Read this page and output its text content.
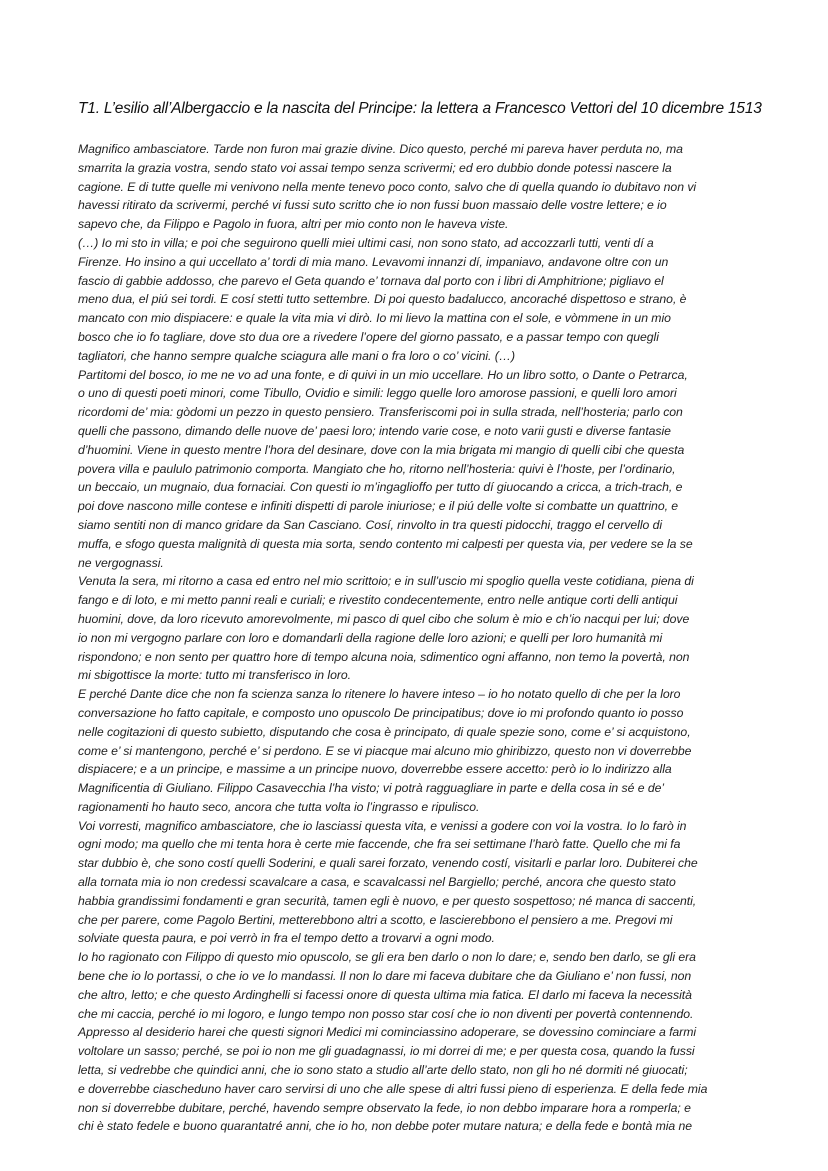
T1. L’esilio all’Albergaccio e la nascita del Principe: la lettera a Francesco Vettori del 10 dicembre 1513
Magnifico ambasciatore. Tarde non furon mai grazie divine. Dico questo, perché mi pareva haver perduta no, ma
smarrita la grazia vostra, sendo stato voi assai tempo senza scrivermi; ed ero dubbio donde potessi nascere la
cagione. E di tutte quelle mi venivono nella mente tenevo poco conto, salvo che di quella quando io dubitavo non vi
havessi ritirato da scrivermi, perché vi fussi suto scritto che io non fussi buon massaio delle vostre lettere; e io
sapevo che, da Filippo e Pagolo in fuora, altri per mio conto non le haveva viste.
(…) Io mi sto in villa; e poi che seguirono quelli miei ultimi casi, non sono stato, ad accozzarli tutti, venti dí a
Firenze. Ho insino a qui uccellato a’ tordi di mia mano. Levavomi innanzi dí, impaniavo, andavone oltre con un
fascio di gabbie addosso, che parevo el Geta quando e’ tornava dal porto con i libri di Amphitrione; pigliavo el
meno dua, el piú sei tordi. E cosí stetti tutto settembre. Di poi questo badalucco, ancoraché dispettoso e strano, è
mancato con mio dispiacere: e quale la vita mia vi dirò. Io mi lievo la mattina con el sole, e vòmmene in un mio
bosco che io fo tagliare, dove sto dua ore a rivedere l’opere del giorno passato, e a passar tempo con quegli
tagliatori, che hanno sempre qualche sciagura alle mani o fra loro o co’ vicini. (…)
Partitomi del bosco, io me ne vo ad una fonte, e di quivi in un mio uccellare. Ho un libro sotto, o Dante o Petrarca,
o uno di questi poeti minori, come Tibullo, Ovidio e simili: leggo quelle loro amorose passioni, e quelli loro amori
ricordomi de’ mia: gòdomi un pezzo in questo pensiero. Transferiscomi poi in sulla strada, nell’hosteria; parlo con
quelli che passono, dimando delle nuove de’ paesi loro; intendo varie cose, e noto varii gusti e diverse fantasie
d’huomini. Viene in questo mentre l’hora del desinare, dove con la mia brigata mi mangio di quelli cibi che questa
povera villa e paululo patrimonio comporta. Mangiato che ho, ritorno nell’hosteria: quivi è l’hoste, per l’ordinario,
un beccaio, un mugnaio, dua fornaciai. Con questi io m’ingaglioffo per tutto dí giuocando a cricca, a trich-trach, e
poi dove nascono mille contese e infiniti dispetti di parole iniuriose; e il piú delle volte si combatte un quattrino, e
siamo sentiti non di manco gridare da San Casciano. Cosí, rinvolto in tra questi pidocchi, traggo el cervello di
muffa, e sfogo questa malignità di questa mia sorta, sendo contento mi calpesti per questa via, per vedere se la se
ne vergognassi.
Venuta la sera, mi ritorno a casa ed entro nel mio scrittoio; e in sull’uscio mi spoglio quella veste cotidiana, piena di
fango e di loto, e mi metto panni reali e curiali; e rivestito condecentemente, entro nelle antique corti delli antiqui
huomini, dove, da loro ricevuto amorevolmente, mi pasco di quel cibo che solum è mio e ch’io nacqui per lui; dove
io non mi vergogno parlare con loro e domandarli della ragione delle loro azioni; e quelli per loro humanità mi
rispondono; e non sento per quattro hore di tempo alcuna noia, sdimentico ogni affanno, non temo la povertà, non
mi sbigottisce la morte: tutto mi transferisco in loro.
E perché Dante dice che non fa scienza sanza lo ritenere lo havere inteso – io ho notato quello di che per la loro
conversazione ho fatto capitale, e composto uno opuscolo De principatibus; dove io mi profondo quanto io posso
nelle cogitazioni di questo subietto, disputando che cosa è principato, di quale spezie sono, come e’ si acquistono,
come e’ si mantengono, perché e’ si perdono. E se vi piacque mai alcuno mio ghiribizzo, questo non vi doverrebbe
dispiacere; e a un principe, e massime a un principe nuovo, doverrebbe essere accetto: però io lo indirizzo alla
Magnificentia di Giuliano. Filippo Casavecchia l’ha visto; vi potrà ragguagliare in parte e della cosa in sé e de’
ragionamenti ho hauto seco, ancora che tutta volta io l’ingrasso e ripulisco.
Voi vorresti, magnifico ambasciatore, che io lasciassi questa vita, e venissi a godere con voi la vostra. Io lo farò in
ogni modo; ma quello che mi tenta hora è certe mie faccende, che fra sei settimane l’harò fatte. Quello che mi fa
star dubbio è, che sono costí quelli Soderini, e quali sarei forzato, venendo costí, visitarli e parlar loro. Dubiterei che
alla tornata mia io non credessi scavalcare a casa, e scavalcassi nel Bargiello; perché, ancora che questo stato
habbia grandissimi fondamenti e gran securità, tamen egli è nuovo, e per questo sospettoso; né manca di saccenti,
che per parere, come Pagolo Bertini, metterebbono altri a scotto, e lascierebbono el pensiero a me. Pregovi mi
solviate questa paura, e poi verrò in fra el tempo detto a trovarvi a ogni modo.
Io ho ragionato con Filippo di questo mio opuscolo, se gli era ben darlo o non lo dare; e, sendo ben darlo, se gli era
bene che io lo portassi, o che io ve lo mandassi. Il non lo dare mi faceva dubitare che da Giuliano e’ non fussi, non
che altro, letto; e che questo Ardinghelli si facessi onore di questa ultima mia fatica. El darlo mi faceva la necessità
che mi caccia, perché io mi logoro, e lungo tempo non posso star cosí che io non diventi per povertà contennendo.
Appresso al desiderio harei che questi signori Medici mi cominciassino adoperare, se dovessino cominciare a farmi
voltolare un sasso; perché, se poi io non me gli guadagnassi, io mi dorrei di me; e per questa cosa, quando la fussi
letta, si vedrebbe che quindici anni, che io sono stato a studio all’arte dello stato, non gli ho né dormiti né giuocati;
e doverrebbe ciascheduno haver caro servirsi di uno che alle spese di altri fussi pieno di esperienza. E della fede mia
non si doverrebbe dubitare, perché, havendo sempre observato la fede, io non debbo imparare hora a romperla; e
chi è stato fedele e buono quarantatré anni, che io ho, non debbe poter mutare natura; e della fede e bontà mia ne
